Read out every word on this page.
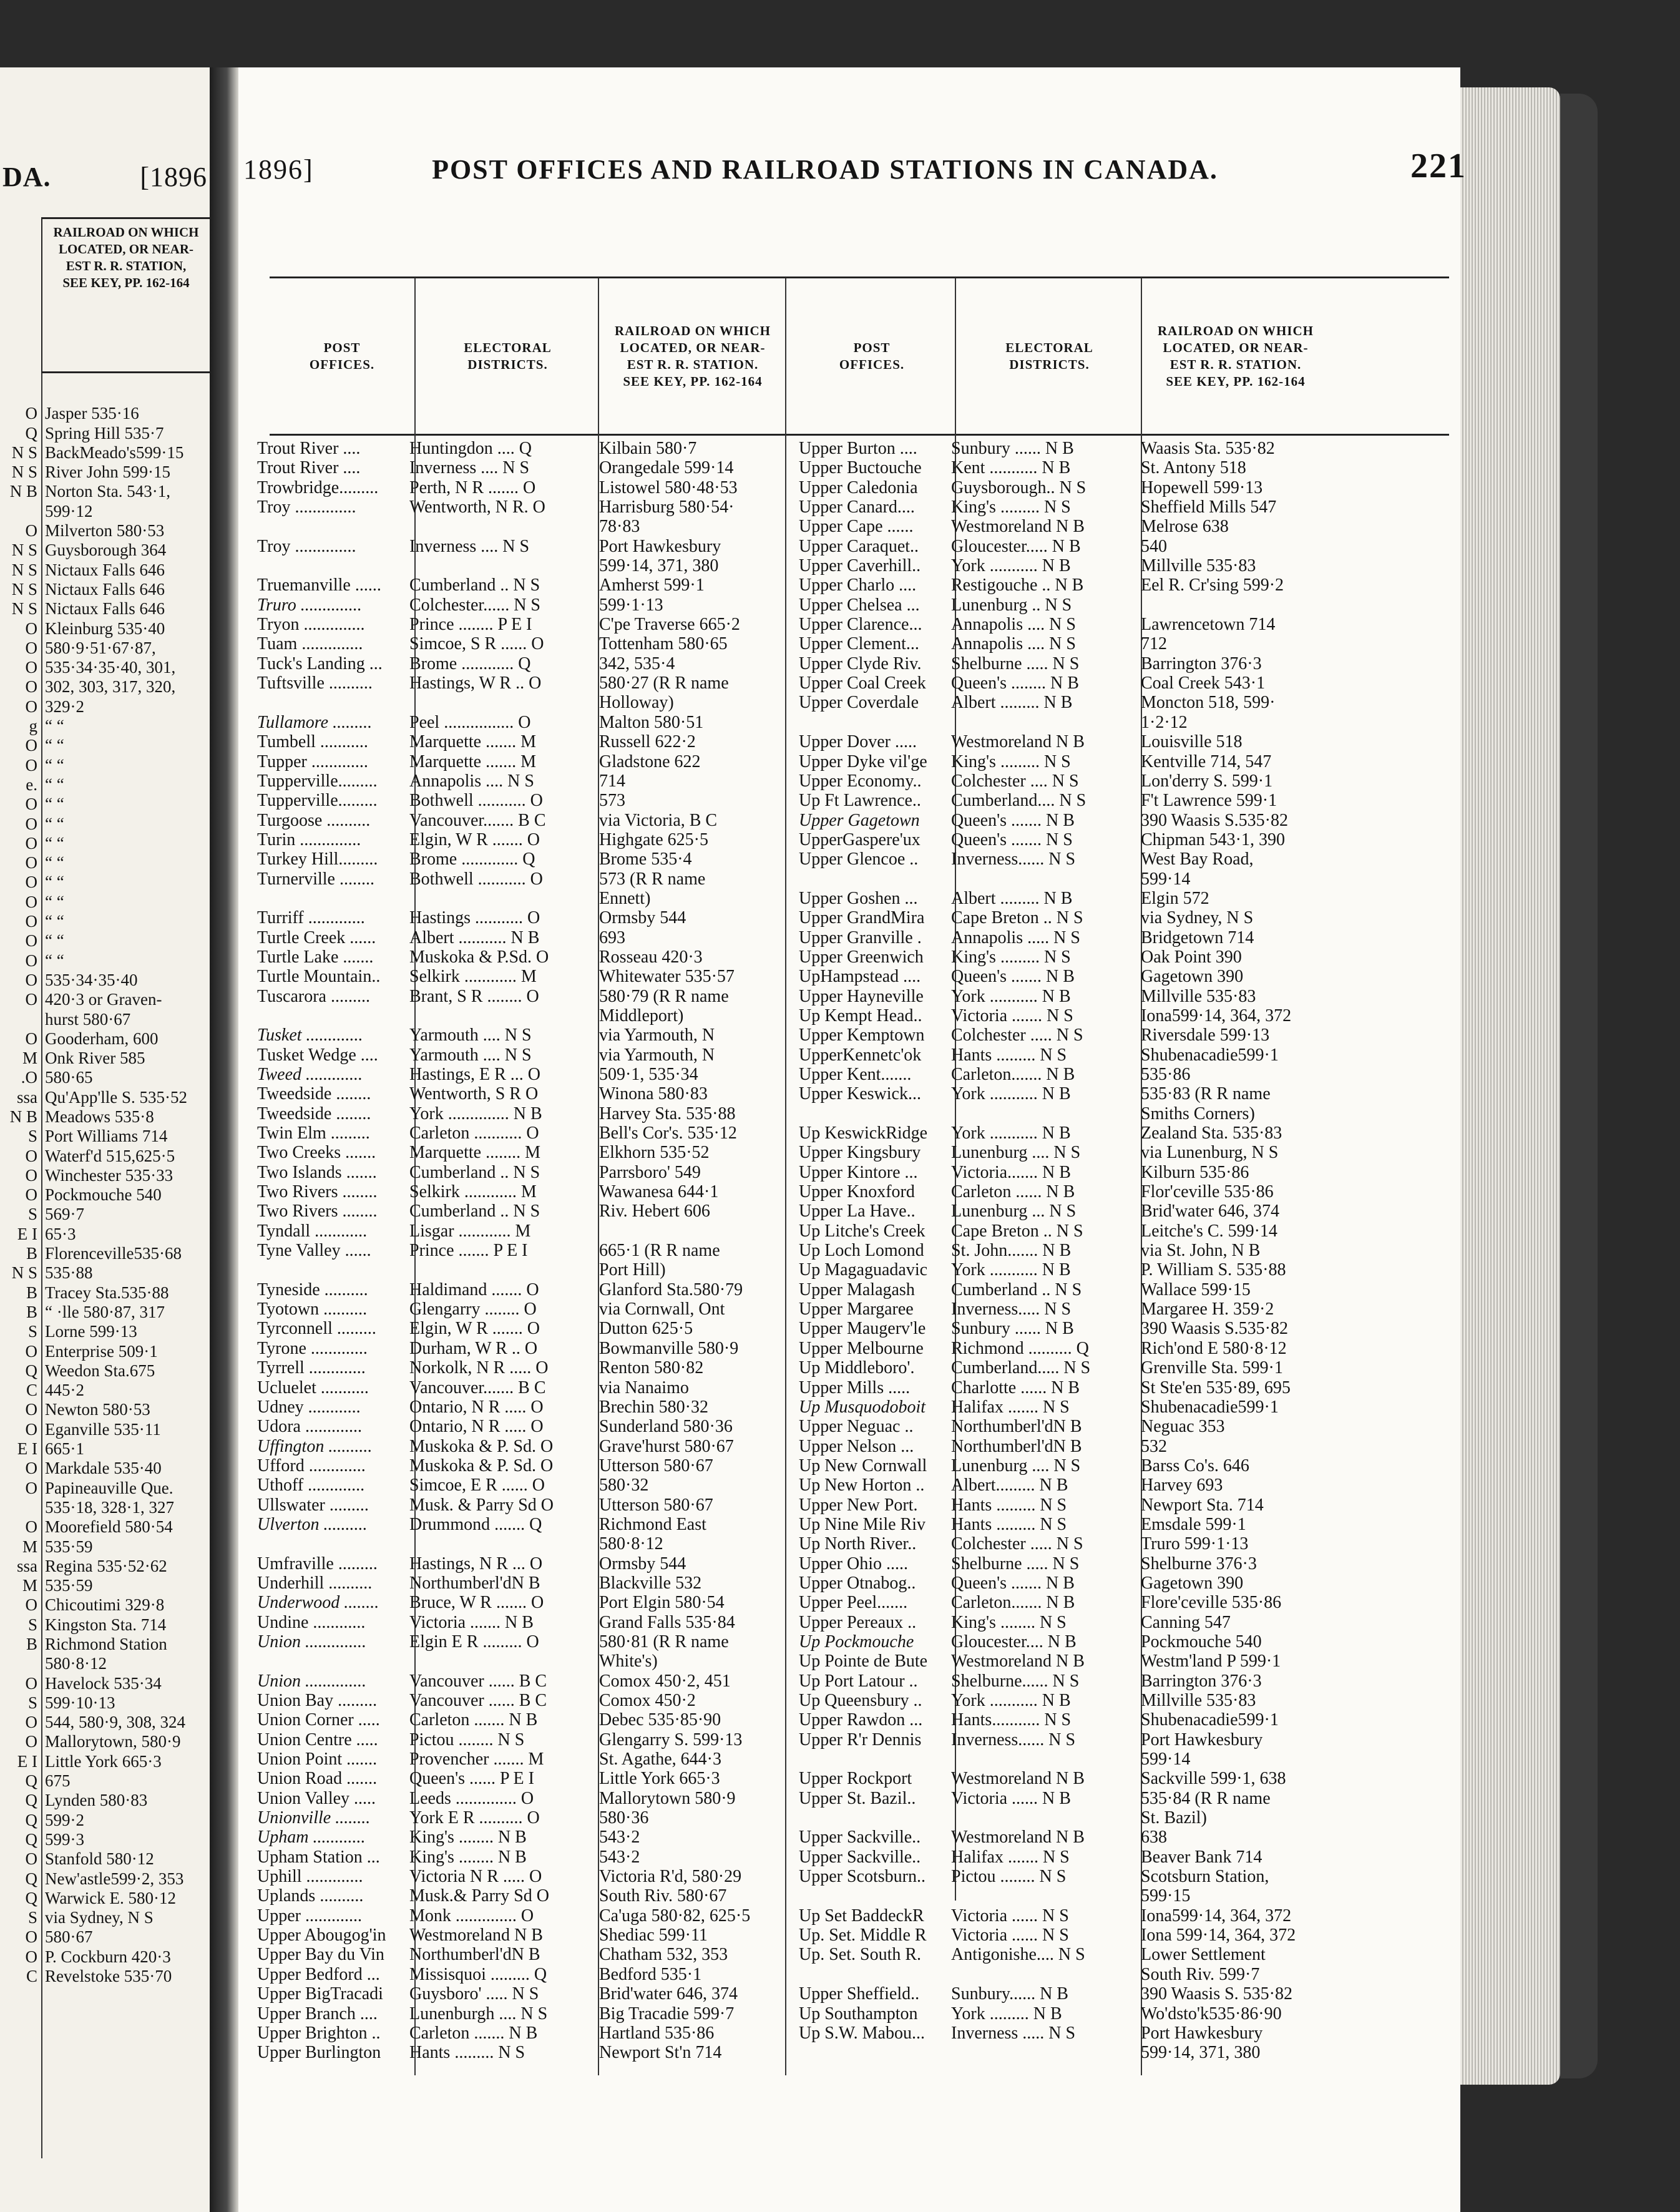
DA.	[1896
RAILROAD ON WHICH
LOCATED, OR NEAR-
EST R. R. STATION,
SEE KEY, PP. 162-164
O Jasper 535·16
Q Spring Hill 535·7
N S BackMeado's599·15
N S River John 599·15
N B Norton Sta. 543·1,
599·12
O Milverton 580·53
N S Guysborough 364
N S Nictaux Falls 646
N S Nictaux Falls 646
N S Nictaux Falls 646
O Kleinburg 535·40
O 580·9·51·67·87,
O 535·34·35·40, 301,
O 302, 303, 317, 320,
O 329·2
g “ “
O “ “
O “ “
e. “ “
O “ “
O “ “
O “ “
O “ “
O “ “
O “ “
O “ “
O “ “
O “ “
O 535·34·35·40
O 420·3 or Graven-
hurst 580·67
O Gooderham, 600
M Onk River 585
.O 580·65
ssa Qu'App'lle S. 535·52
N B Meadows 535·8
S Port Williams 714
O Waterf'd 515,625·5
O Winchester 535·33
O Pockmouche 540
S 569·7
E I 65·3
B Florenceville535·68
N S 535·88
B Tracey Sta.535·88
B “ ·lle 580·87, 317
S Lorne 599·13
O Enterprise 509·1
Q Weedon Sta.675
C 445·2
O Newton 580·53
O Eganville 535·11
E I 665·1
O Markdale 535·40
O Papineauville Que.
535·18, 328·1, 327
O Moorefield 580·54
M 535·59
ssa Regina 535·52·62
M 535·59
O Chicoutimi 329·8
S Kingston Sta. 714
B Richmond Station
580·8·12
O Havelock 535·34
S 599·10·13
O 544, 580·9, 308, 324
O Mallorytown, 580·9
E I Little York 665·3
Q 675
Q Lynden 580·83
Q 599·2
Q 599·3
O Stanfold 580·12
Q New'astle599·2, 353
Q Warwick E. 580·12
S via Sydney, N S
O 580·67
O P. Cockburn 420·3
C Revelstoke 535·70
1896]	POST OFFICES AND RAILROAD STATIONS IN CANADA.	221
POST
OFFICES.
ELECTORAL
DISTRICTS.
RAILROAD ON WHICH
LOCATED, OR NEAR-
EST R. R. STATION.
SEE KEY, PP. 162-164
POST
OFFICES.
ELECTORAL
DISTRICTS.
RAILROAD ON WHICH
LOCATED, OR NEAR-
EST R. R. STATION.
SEE KEY, PP. 162-164
Trout River ....	Huntingdon .... Q	Kilbain 580·7
Trout River ....	Inverness .... N S	Orangedale 599·14
Trowbridge.........	Perth, N R ....... O	Listowel 580·48·53
Troy ..............	Wentworth, N R. O	Harrisburg 580·54·
78·83
Troy ..............	Inverness .... N S	Port Hawkesbury
599·14, 371, 380
Truemanville ......	Cumberland .. N S	Amherst 599·1
Truro ..............	Colchester...... N S	599·1·13
Tryon ..............	Prince ........ P E I	C'pe Traverse 665·2
Tuam ..............	Simcoe, S R ...... O	Tottenham 580·65
Tuck's Landing ...	Brome ............ Q	342, 535·4
Tuftsville ..........	Hastings, W R .. O	580·27 (R R name
Holloway)
Tullamore .........	Peel ................ O	Malton 580·51
Tumbell ...........	Marquette ....... M	Russell 622·2
Tupper .............	Marquette ....... M	Gladstone 622
Tupperville.........	Annapolis .... N S	714
Tupperville.........	Bothwell ........... O	573
Turgoose ..........	Vancouver....... B C	via Victoria, B C
Turin ..............	Elgin, W R ....... O	Highgate 625·5
Turkey Hill.........	Brome ............. Q	Brome 535·4
Turnerville ........	Bothwell ........... O	573 (R R name
Ennett)
Turriff .............	Hastings ........... O	Ormsby 544
Turtle Creek ......	Albert ........... N B	693
Turtle Lake .......	Muskoka & P.Sd. O	Rosseau 420·3
Turtle Mountain..	Selkirk ............ M	Whitewater 535·57
Tuscarora .........	Brant, S R ........ O	580·79 (R R name
Middleport)
Tusket .............	Yarmouth .... N S	via Yarmouth, N
Tusket Wedge ....	Yarmouth .... N S	via Yarmouth, N
Tweed .............	Hastings, E R ... O	509·1, 535·34
Tweedside ........	Wentworth, S R O	Winona 580·83
Tweedside ........	York .............. N B	Harvey Sta. 535·88
Twin Elm .........	Carleton ........... O	Bell's Cor's. 535·12
Two Creeks .......	Marquette ........ M	Elkhorn 535·52
Two Islands .......	Cumberland .. N S	Parrsboro' 549
Two Rivers ........	Selkirk ............ M	Wawanesa 644·1
Two Rivers ........	Cumberland .. N S	Riv. Hebert 606
Tyndall ............	Lisgar ............ M
Tyne Valley ......	Prince ....... P E I	665·1 (R R name
Port Hill)
Tyneside ..........	Haldimand ....... O	Glanford Sta.580·79
Tyotown ..........	Glengarry ........ O	via Cornwall, Ont
Tyrconnell .........	Elgin, W R ....... O	Dutton 625·5
Tyrone .............	Durham, W R .. O	Bowmanville 580·9
Tyrrell .............	Norkolk, N R ..... O	Renton 580·82
Ucluelet ...........	Vancouver....... B C	via Nanaimo
Udney ............	Ontario, N R ..... O	Brechin 580·32
Udora .............	Ontario, N R ..... O	Sunderland 580·36
Uffington ..........	Muskoka & P. Sd. O	Grave'hurst 580·67
Ufford .............	Muskoka & P. Sd. O	Utterson 580·67
Uthoff .............	Simcoe, E R ...... O	580·32
Ullswater .........	Musk. & Parry Sd O	Utterson 580·67
Ulverton ..........	Drummond ....... Q	Richmond East
580·8·12
Umfraville .........	Hastings, N R ... O	Ormsby 544
Underhill ..........	Northumberl'dN B	Blackville 532
Underwood ........	Bruce, W R ....... O	Port Elgin 580·54
Undine ............	Victoria ....... N B	Grand Falls 535·84
Union ..............	Elgin E R ......... O	580·81 (R R name
White's)
Union ..............	Vancouver ...... B C	Comox 450·2, 451
Union Bay .........	Vancouver ...... B C	Comox 450·2
Union Corner .....	Carleton ....... N B	Debec 535·85·90
Union Centre .....	Pictou ........ N S	Glengarry S. 599·13
Union Point .......	Provencher ....... M	St. Agathe, 644·3
Union Road .......	Queen's ...... P E I	Little York 665·3
Union Valley .....	Leeds .............. O	Mallorytown 580·9
Unionville ........	York E R .......... O	580·36
Upham ............	King's ........ N B	543·2
Upham Station ...	King's ........ N B	543·2
Uphill .............	Victoria N R ..... O	Victoria R'd, 580·29
Uplands ..........	Musk.& Parry Sd O	South Riv. 580·67
Upper .............	Monk .............. O	Ca'uga 580·82, 625·5
Upper Abougog'in	Westmoreland N B	Shediac 599·11
Upper Bay du Vin	Northumberl'dN B	Chatham 532, 353
Upper Bedford ...	Missisquoi ......... Q	Bedford 535·1
Upper BigTracadi	Guysboro' ..... N S	Brid'water 646, 374
Upper Branch ....	Lunenburgh .... N S	Big Tracadie 599·7
Upper Brighton ..	Carleton ....... N B	Hartland 535·86
Upper Burlington	Hants ......... N S	Newport St'n 714
Upper Burton ....	Sunbury ...... N B	Waasis Sta. 535·82
Upper Buctouche	Kent ........... N B	St. Antony 518
Upper Caledonia	Guysborough.. N S	Hopewell 599·13
Upper Canard....	King's ......... N S	Sheffield Mills 547
Upper Cape ......	Westmoreland N B	Melrose 638
Upper Caraquet..	Gloucester..... N B	540
Upper Caverhill..	York ........... N B	Millville 535·83
Upper Charlo ....	Restigouche .. N B	Eel R. Cr'sing 599·2
Upper Chelsea ...	Lunenburg .. N S
Upper Clarence...	Annapolis .... N S	Lawrencetown 714
Upper Clement...	Annapolis .... N S	712
Upper Clyde Riv.	Shelburne ..... N S	Barrington 376·3
Upper Coal Creek	Queen's ........ N B	Coal Creek 543·1
Upper Coverdale	Albert ......... N B	Moncton 518, 599·
1·2·12
Upper Dover .....	Westmoreland N B	Louisville 518
Upper Dyke vil'ge	King's ......... N S	Kentville 714, 547
Upper Economy..	Colchester .... N S	Lon'derry S. 599·1
Up Ft Lawrence..	Cumberland.... N S	F't Lawrence 599·1
Upper Gagetown	Queen's ....... N B	390 Waasis S.535·82
UpperGaspere'ux	Queen's ....... N S	Chipman 543·1, 390
Upper Glencoe ..	Inverness...... N S	West Bay Road,
599·14
Upper Goshen ...	Albert ......... N B	Elgin 572
Upper GrandMira	Cape Breton .. N S	via Sydney, N S
Upper Granville .	Annapolis ..... N S	Bridgetown 714
Upper Greenwich	King's ......... N S	Oak Point 390
UpHampstead ....	Queen's ....... N B	Gagetown 390
Upper Hayneville	York ........... N B	Millville 535·83
Up Kempt Head..	Victoria ....... N S	Iona599·14, 364, 372
Upper Kemptown	Colchester ..... N S	Riversdale 599·13
UpperKennetc'ok	Hants ......... N S	Shubenacadie599·1
Upper Kent.......	Carleton....... N B	535·86
Upper Keswick...	York ........... N B	535·83 (R R name
Smiths Corners)
Up KeswickRidge	York ........... N B	Zealand Sta. 535·83
Upper Kingsbury	Lunenburg .... N S	via Lunenburg, N S
Upper Kintore ...	Victoria....... N B	Kilburn 535·86
Upper Knoxford	Carleton ...... N B	Flor'ceville 535·86
Upper La Have..	Lunenburg ... N S	Brid'water 646, 374
Up Litche's Creek	Cape Breton .. N S	Leitche's C. 599·14
Up Loch Lomond	St. John....... N B	via St. John, N B
Up Magaguadavic	York ........... N B	P. William S. 535·88
Upper Malagash	Cumberland .. N S	Wallace 599·15
Upper Margaree	Inverness..... N S	Margaree H. 359·2
Upper Maugerv'le	Sunbury ...... N B	390 Waasis S.535·82
Upper Melbourne	Richmond .......... Q	Rich'ond E 580·8·12
Up Middleboro'.	Cumberland..... N S	Grenville Sta. 599·1
Upper Mills .....	Charlotte ...... N B	St Ste'en 535·89, 695
Up Musquodoboit	Halifax ....... N S	Shubenacadie599·1
Upper Neguac ..	Northumberl'dN B	Neguac 353
Upper Nelson ...	Northumberl'dN B	532
Up New Cornwall	Lunenburg .... N S	Barss Co's. 646
Up New Horton ..	Albert......... N B	Harvey 693
Upper New Port.	Hants ......... N S	Newport Sta. 714
Up Nine Mile Riv	Hants ......... N S	Emsdale 599·1
Up North River..	Colchester ..... N S	Truro 599·1·13
Upper Ohio .....	Shelburne ..... N S	Shelburne 376·3
Upper Otnabog..	Queen's ....... N B	Gagetown 390
Upper Peel.......	Carleton....... N B	Flore'ceville 535·86
Upper Pereaux ..	King's ........ N S	Canning 547
Up Pockmouche	Gloucester.... N B	Pockmouche 540
Up Pointe de Bute	Westmoreland N B	Westm'land P 599·1
Up Port Latour ..	Shelburne...... N S	Barrington 376·3
Up Queensbury ..	York ........... N B	Millville 535·83
Upper Rawdon ...	Hants........... N S	Shubenacadie599·1
Upper R'r Dennis	Inverness...... N S	Port Hawkesbury
599·14
Upper Rockport	Westmoreland N B	Sackville 599·1, 638
Upper St. Bazil..	Victoria ...... N B	535·84 (R R name
St. Bazil)
Upper Sackville..	Westmoreland N B	638
Upper Sackville..	Halifax ....... N S	Beaver Bank 714
Upper Scotsburn..	Pictou ........ N S	Scotsburn Station,
599·15
Up Set BaddeckR	Victoria ...... N S	Iona599·14, 364, 372
Up. Set. Middle R	Victoria ...... N S	Iona 599·14, 364, 372
Up. Set. South R.	Antigonishe.... N S	Lower Settlement
South Riv. 599·7
Upper Sheffield..	Sunbury...... N B	390 Waasis S. 535·82
Up Southampton	York ......... N B	Wo'dsto'k535·86·90
Up S.W. Mabou...	Inverness ..... N S	Port Hawkesbury
599·14, 371, 380
